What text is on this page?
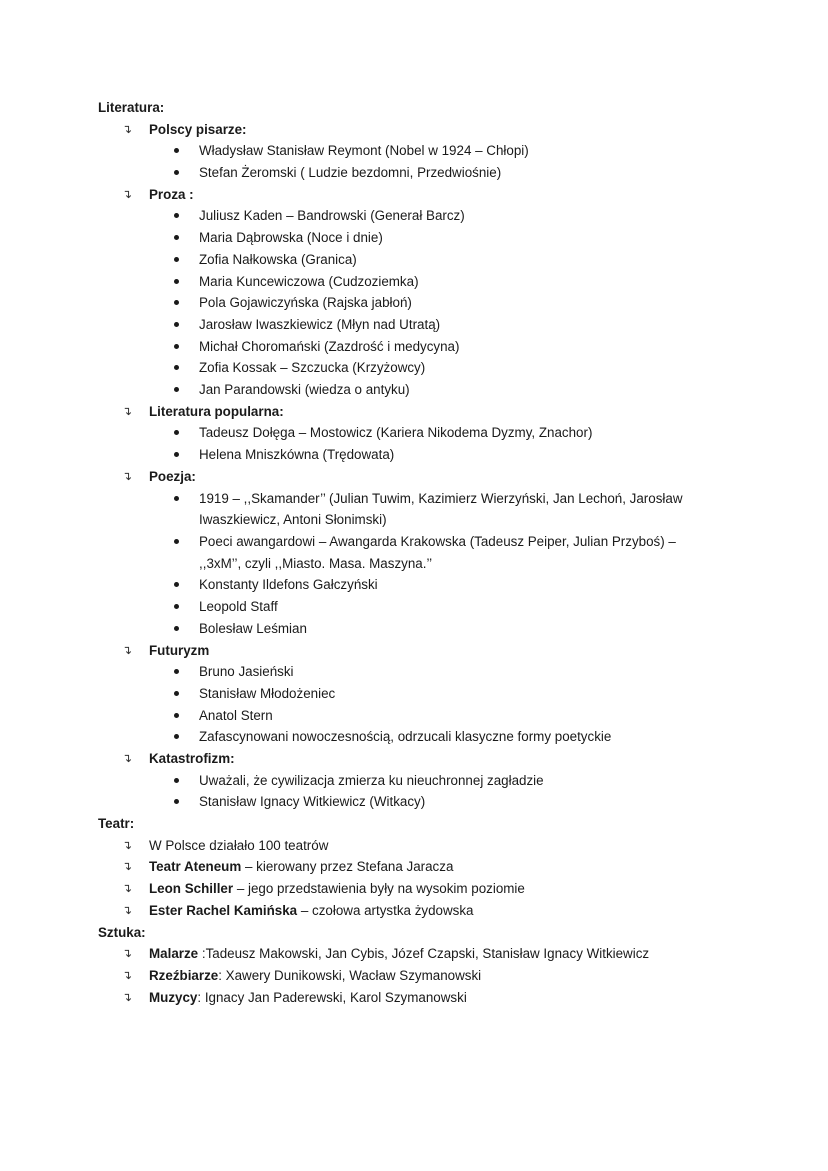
Literatura:
↴	Polscy pisarze:
Władysław Stanisław Reymont (Nobel w 1924 – Chłopi)
Stefan Żeromski ( Ludzie bezdomni, Przedwiośnie)
↴	Proza :
Juliusz Kaden – Bandrowski (Generał Barcz)
Maria Dąbrowska (Noce i dnie)
Zofia Nałkowska (Granica)
Maria Kuncewiczowa (Cudzoziemka)
Pola Gojawiczyńska (Rajska jabłoń)
Jarosław Iwaszkiewicz (Młyn nad Utratą)
Michał Choromański (Zazdrość i medycyna)
Zofia Kossak – Szczucka (Krzyżowcy)
Jan Parandowski (wiedza o antyku)
↴	Literatura popularna:
Tadeusz Dołęga – Mostowicz (Kariera Nikodema Dyzmy, Znachor)
Helena Mniszkówna (Trędowata)
↴	Poezja:
1919 – ,,Skamander’’ (Julian Tuwim, Kazimierz Wierzyński, Jan Lechoń, Jarosław Iwaszkiewicz, Antoni Słonimski)
Poeci awangardowi – Awangarda Krakowska (Tadeusz Peiper, Julian Przyboś) – ,,3xM’’, czyli ,,Miasto. Masa. Maszyna.’’
Konstanty Ildefons Gałczyński
Leopold Staff
Bolesław Leśmian
↴	Futuryzm
Bruno Jasieński
Stanisław Młodożeniec
Anatol Stern
Zafascynowani nowoczesnością, odrzucali klasyczne formy poetyckie
↴	Katastrofizm:
Uważali, że cywilizacja zmierza ku nieuchronnej zagładzie
Stanisław Ignacy Witkiewicz (Witkacy)
Teatr:
↴	W Polsce działało 100 teatrów
↴	Teatr Ateneum – kierowany przez Stefana Jaracza
↴	Leon Schiller – jego przedstawienia były na wysokim poziomie
↴	Ester Rachel Kamińska – czołowa artystka żydowska
Sztuka:
↴	Malarze :Tadeusz Makowski, Jan Cybis, Józef Czapski, Stanisław Ignacy Witkiewicz
↴	Rzeźbiarze: Xawery Dunikowski, Wacław Szymanowski
↴	Muzycy: Ignacy Jan Paderewski, Karol Szymanowski
